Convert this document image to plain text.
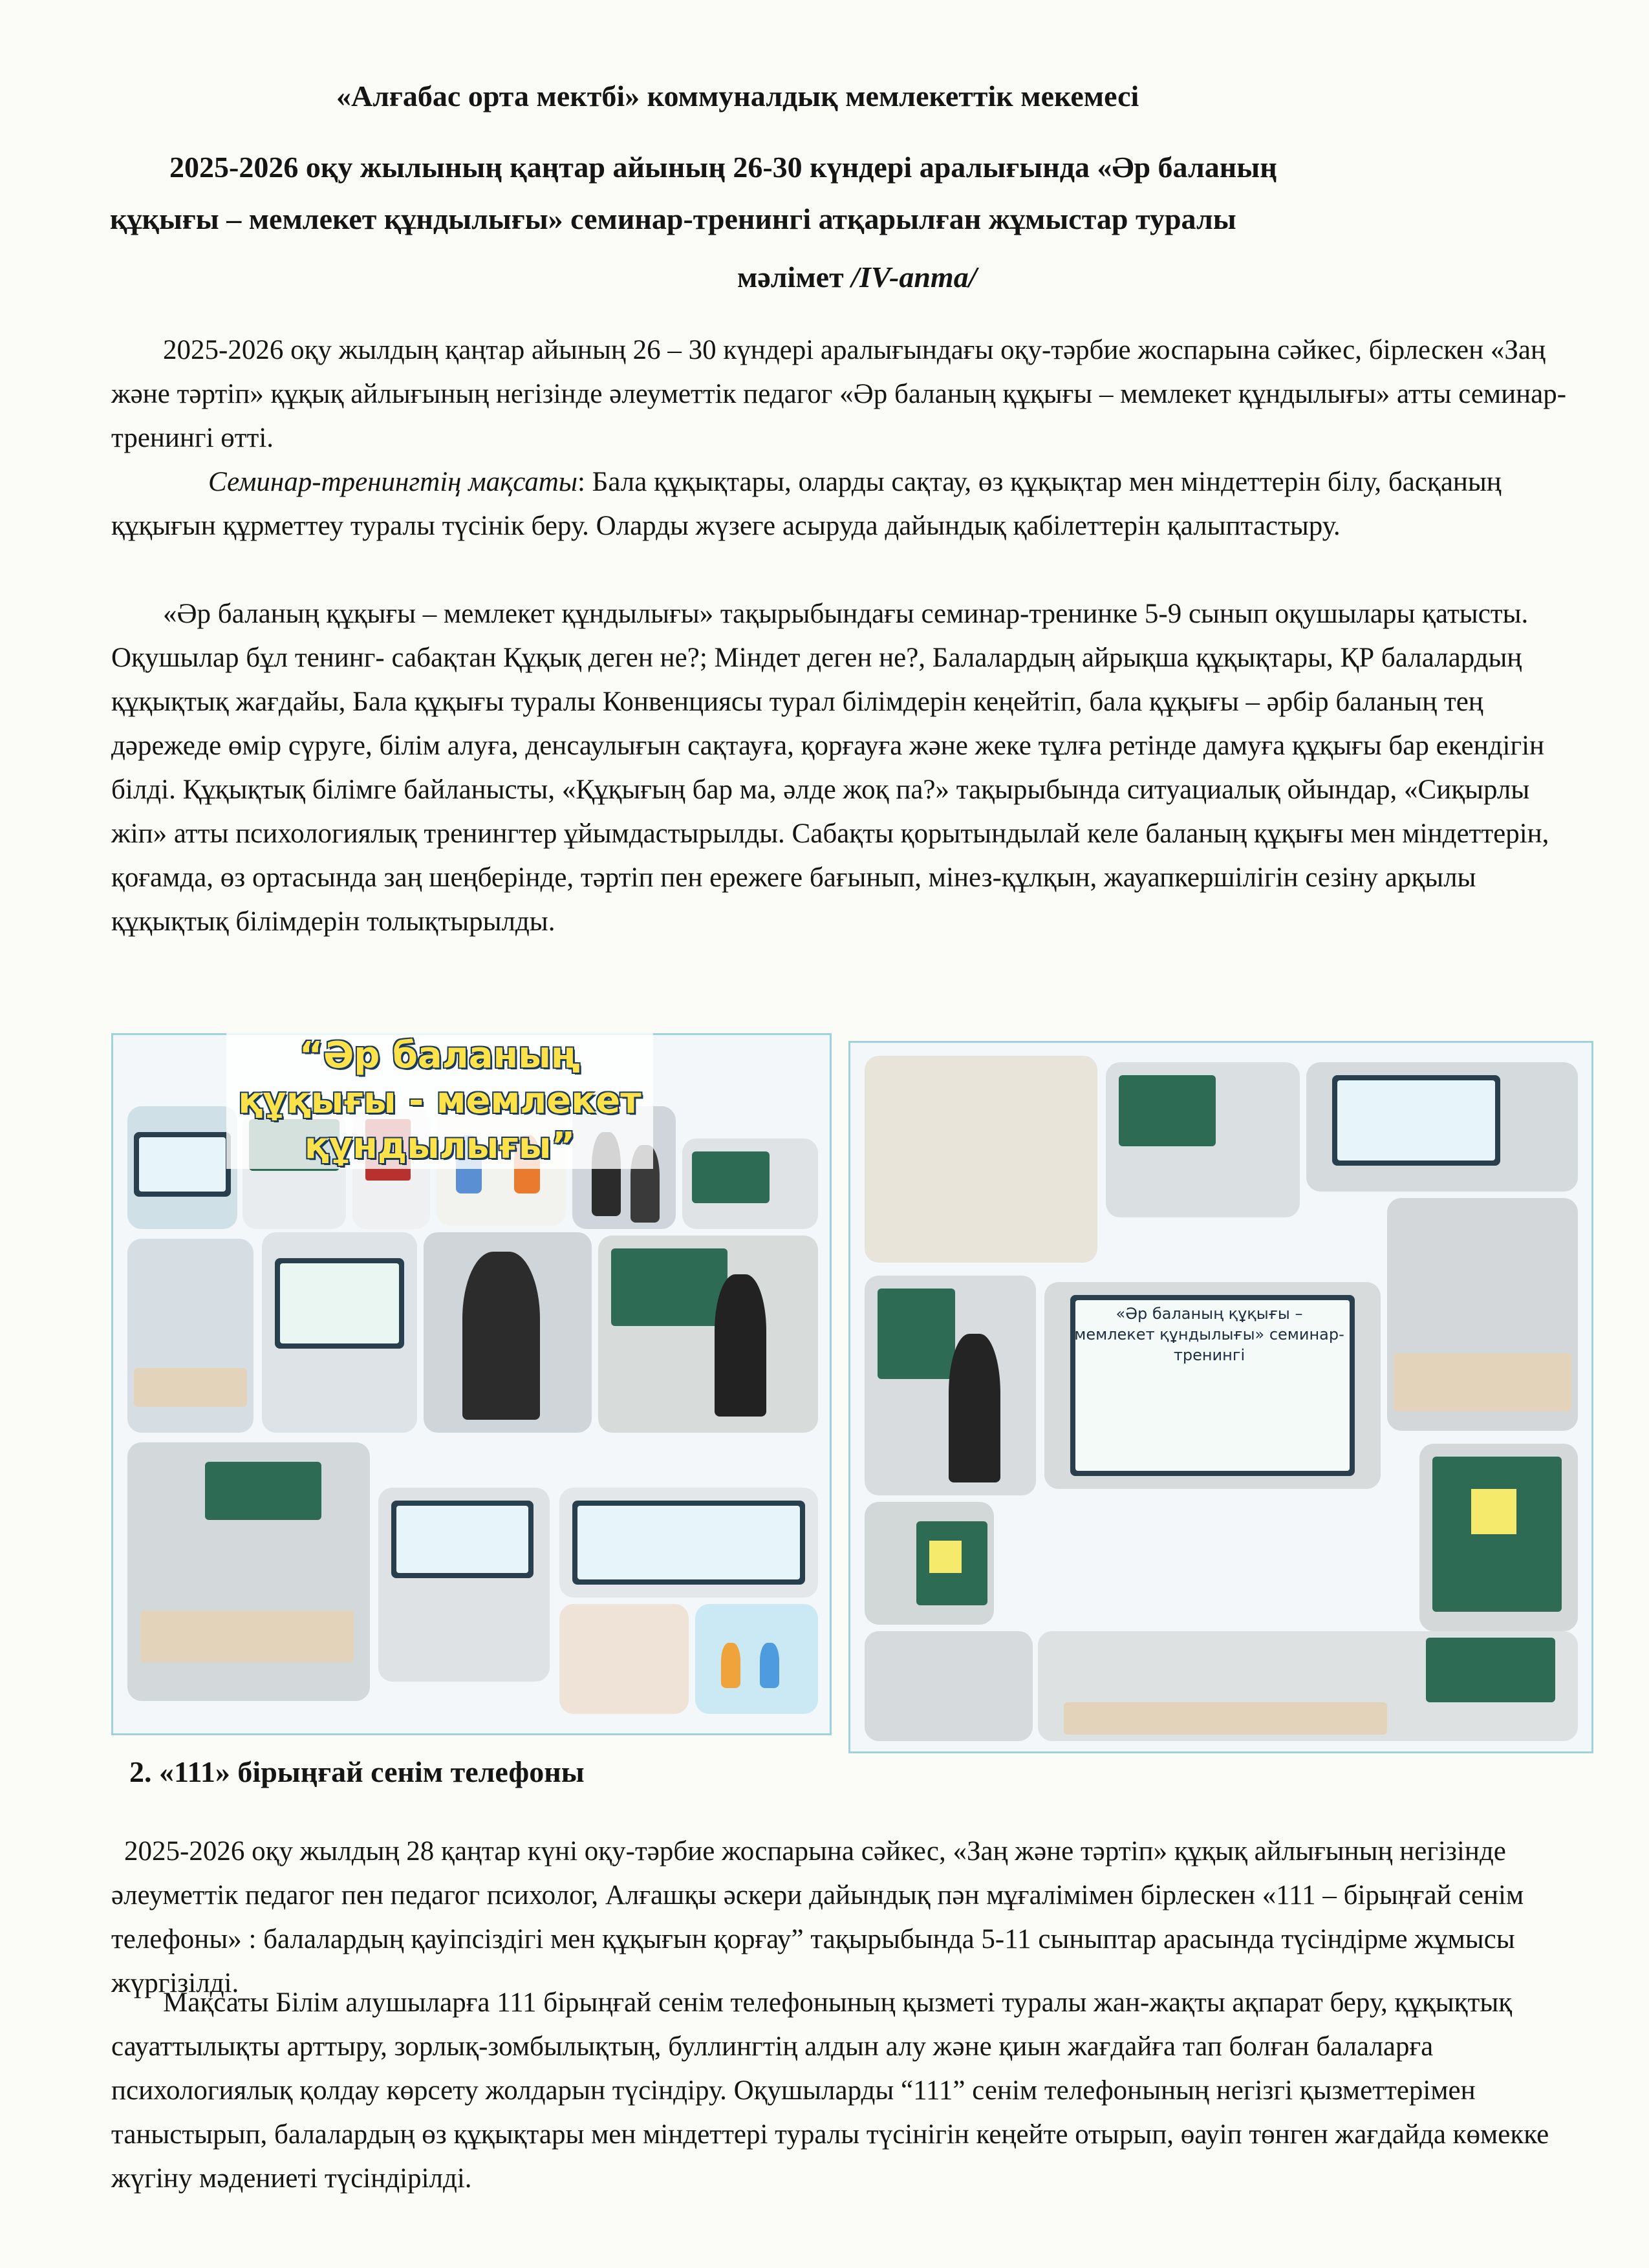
«Алғабас орта мектбі» коммуналдық мемлекеттік мекемесі
2025-2026 оқу жылының қаңтар айының 26-30 күндері аралығында «Әр баланың
құқығы – мемлекет құндылығы» семинар-тренингі атқарылған жұмыстар туралы
мәлімет /IV-апта/

2025-2026 оқу жылдың қаңтар айының 26 – 30 күндері аралығындағы оқу-тәрбие жоспарына сәйкес, бірлескен «Заң және тәртіп» құқық айлығының негізінде әлеуметтік педагог «Әр баланың құқығы – мемлекет құндылығы» атты семинар-тренингі өтті.

Семинар-тренингтің мақсаты: Бала құқықтары, оларды сақтау, өз құқықтар мен міндеттерін білу, басқаның құқығын құрметтеу туралы түсінік беру. Оларды жүзеге асыруда дайындық қабілеттерін қалыптастыру.

«Әр баланың құқығы – мемлекет құндылығы» тақырыбындағы семинар-тренинке 5-9 сынып оқушылары қатысты. Оқушылар бұл тенинг- сабақтан Құқық деген не?; Міндет деген не?, Балалардың айрықша құқықтары, ҚР балалардың құқықтық жағдайы, Бала құқығы туралы Конвенциясы турал білімдерін кеңейтіп, бала құқығы – әрбір баланың тең дәрежеде өмір сүруге, білім алуға, денсаулығын сақтауға, қорғауға және жеке тұлға ретінде дамуға құқығы бар екендігін білді. Құқықтық білімге байланысты, «Құқығың бар ма, әлде жоқ па?» тақырыбында ситуациалық ойындар, «Сиқырлы жіп» атты психологиялық тренингтер ұйымдастырылды. Сабақты қорытындылай келе баланың құқығы мен міндеттерін, қоғамда, өз ортасында заң шеңберінде, тәртіп пен ережеге бағынып, мінез-құлқын, жауапкершілігін сезіну арқылы құқықтық білімдерін толықтырылды.

“Әр баланың құқығы - мемлекет құндылығы”
«Әр баланың құқығы – мемлекет құндылығы» семинар-тренингі
2. «111» бірыңғай сенім телефоны

2025-2026 оқу жылдың 28 қаңтар күні оқу-тәрбие жоспарына сәйкес, «Заң және тәртіп» құқық айлығының негізінде әлеуметтік педагог пен педагог психолог, Алғашқы әскери дайындық пән мұғалімімен бірлескен «111 – бірыңғай сенім телефоны» : балалардың қауіпсіздігі мен құқығын қорғау” тақырыбында 5-11 сыныптар арасында түсіндірме жұмысы жүргізілді.

Мақсаты Білім алушыларға 111 бірыңғай сенім телефонының қызметі туралы жан-жақты ақпарат беру, құқықтық сауаттылықты арттыру, зорлық-зомбылықтың, буллингтің алдын алу және қиын жағдайға тап болған балаларға психологиялық қолдау көрсету жолдарын түсіндіру. Оқушыларды “111” сенім телефонының негізгі қызметтерімен таныстырып, балалардың өз құқықтары мен міндеттері туралы түсінігін кеңейте отырып, өауіп төнген жағдайда көмекке жүгіну мәдениеті түсіндірілді.
